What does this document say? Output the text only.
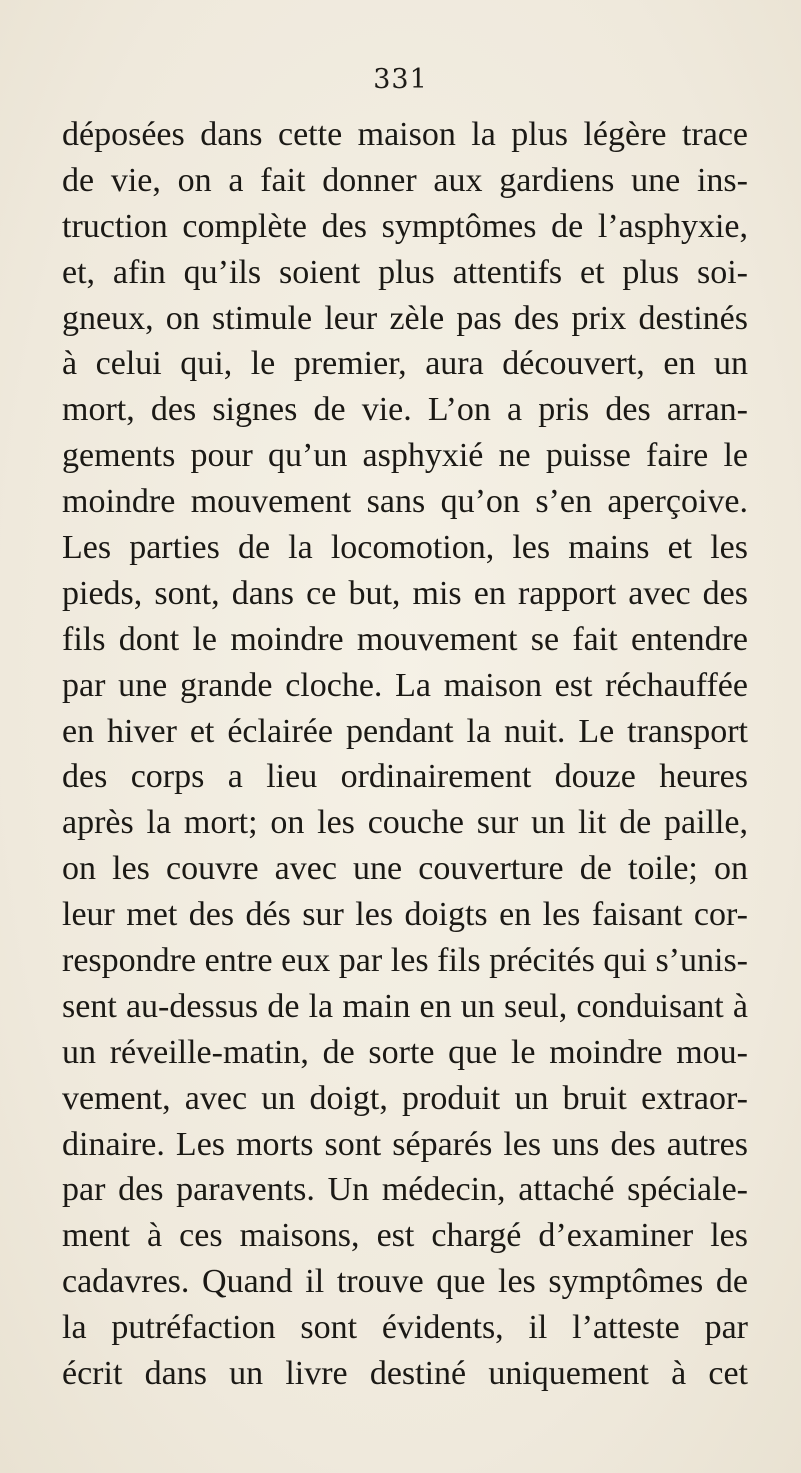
331
déposées dans cette maison la plus légère trace
de vie, on a fait donner aux gardiens une ins-
truction complète des symptômes de l’asphyxie,
et, afin qu’ils soient plus attentifs et plus soi-
gneux, on stimule leur zèle pas des prix destinés
à celui qui, le premier, aura découvert, en un
mort, des signes de vie. L’on a pris des arran-
gements pour qu’un asphyxié ne puisse faire le
moindre mouvement sans qu’on s’en aperçoive.
Les parties de la locomotion, les mains et les
pieds, sont, dans ce but, mis en rapport avec des
fils dont le moindre mouvement se fait entendre
par une grande cloche. La maison est réchauffée
en hiver et éclairée pendant la nuit. Le transport
des corps a lieu ordinairement douze heures
après la mort; on les couche sur un lit de paille,
on les couvre avec une couverture de toile; on
leur met des dés sur les doigts en les faisant cor-
respondre entre eux par les fils précités qui s’unis-
sent au-dessus de la main en un seul, conduisant à
un réveille-matin, de sorte que le moindre mou-
vement, avec un doigt, produit un bruit extraor-
dinaire. Les morts sont séparés les uns des autres
par des paravents. Un médecin, attaché spéciale-
ment à ces maisons, est chargé d’examiner les
cadavres. Quand il trouve que les symptômes de
la putréfaction sont évidents, il l’atteste par
écrit dans un livre destiné uniquement à cet
